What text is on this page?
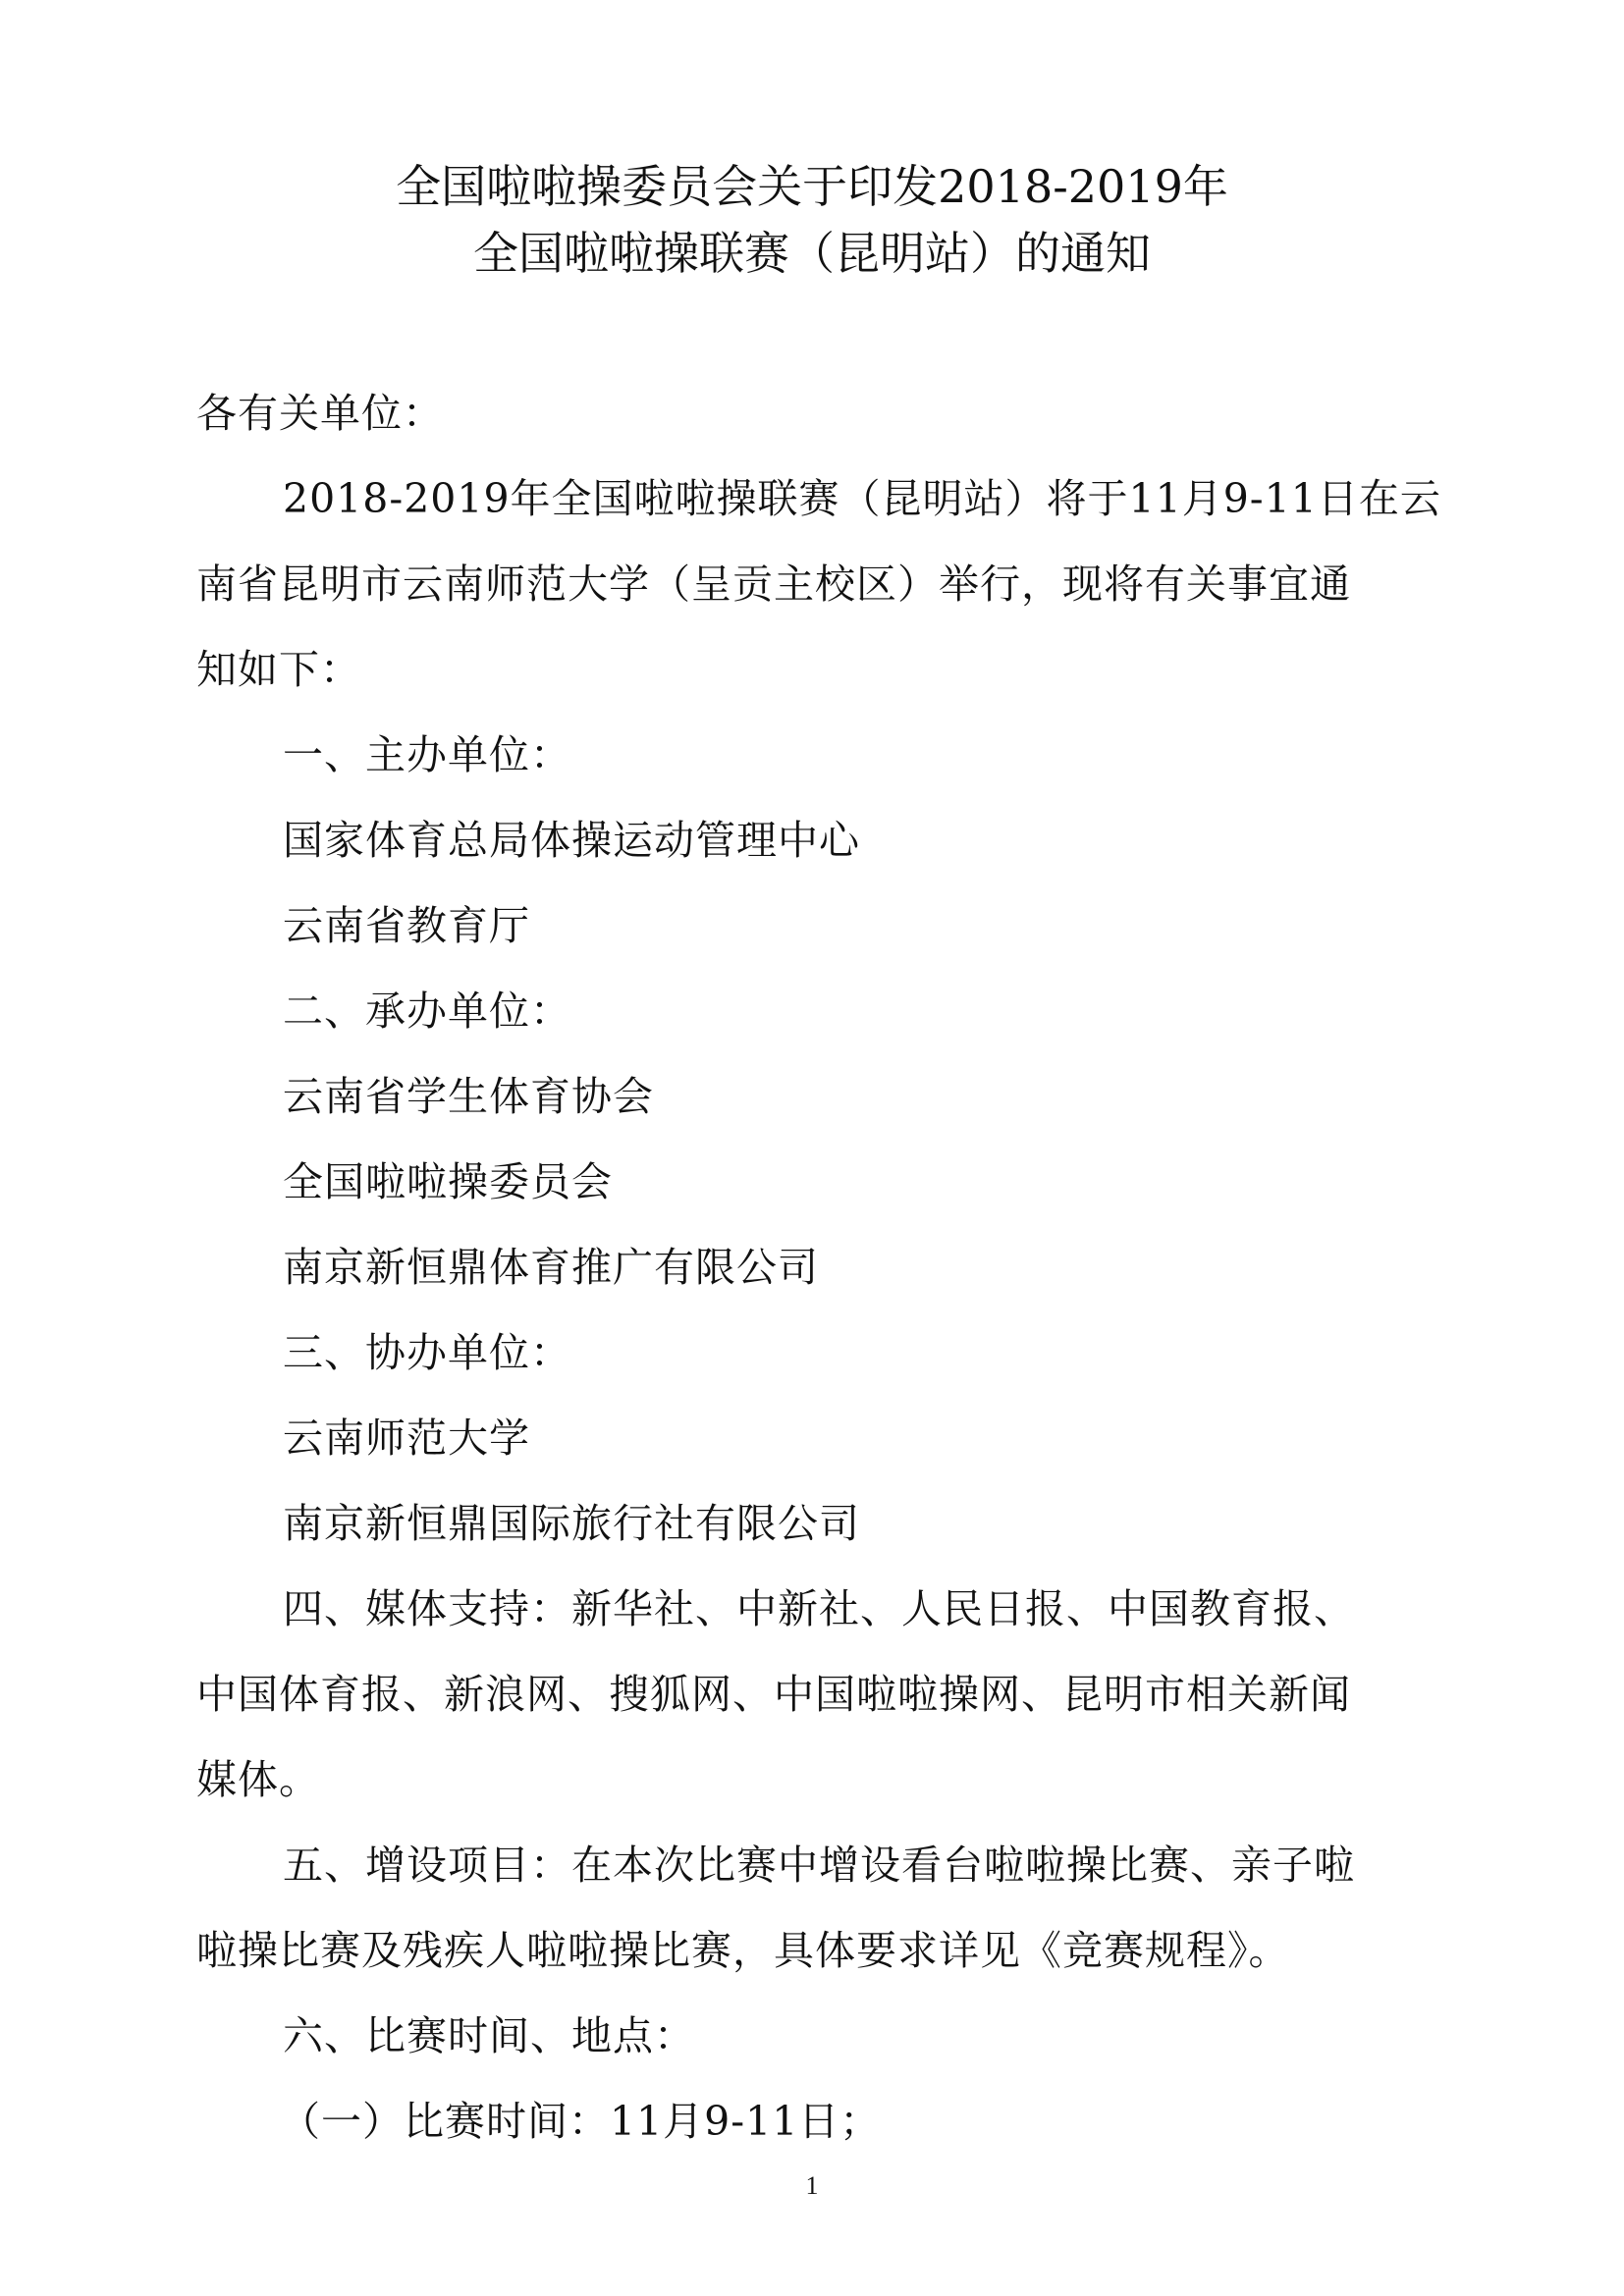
全国啦啦操委员会关于印发2018-2019年
全国啦啦操联赛（昆明站）的通知
各有关单位：
2018-2019年全国啦啦操联赛（昆明站）将于11月9-11日在云
南省昆明市云南师范大学（呈贡主校区）举行，现将有关事宜通
知如下：
一、主办单位：
国家体育总局体操运动管理中心
云南省教育厅
二、承办单位：
云南省学生体育协会
全国啦啦操委员会
南京新恒鼎体育推广有限公司
三、协办单位：
云南师范大学
南京新恒鼎国际旅行社有限公司
四、媒体支持：新华社、中新社、人民日报、中国教育报、
中国体育报、新浪网、搜狐网、中国啦啦操网、昆明市相关新闻
媒体。
五、增设项目：在本次比赛中增设看台啦啦操比赛、亲子啦
啦操比赛及残疾人啦啦操比赛，具体要求详见《竞赛规程》。
六、比赛时间、地点：
（一）比赛时间：11月9-11日；
1
